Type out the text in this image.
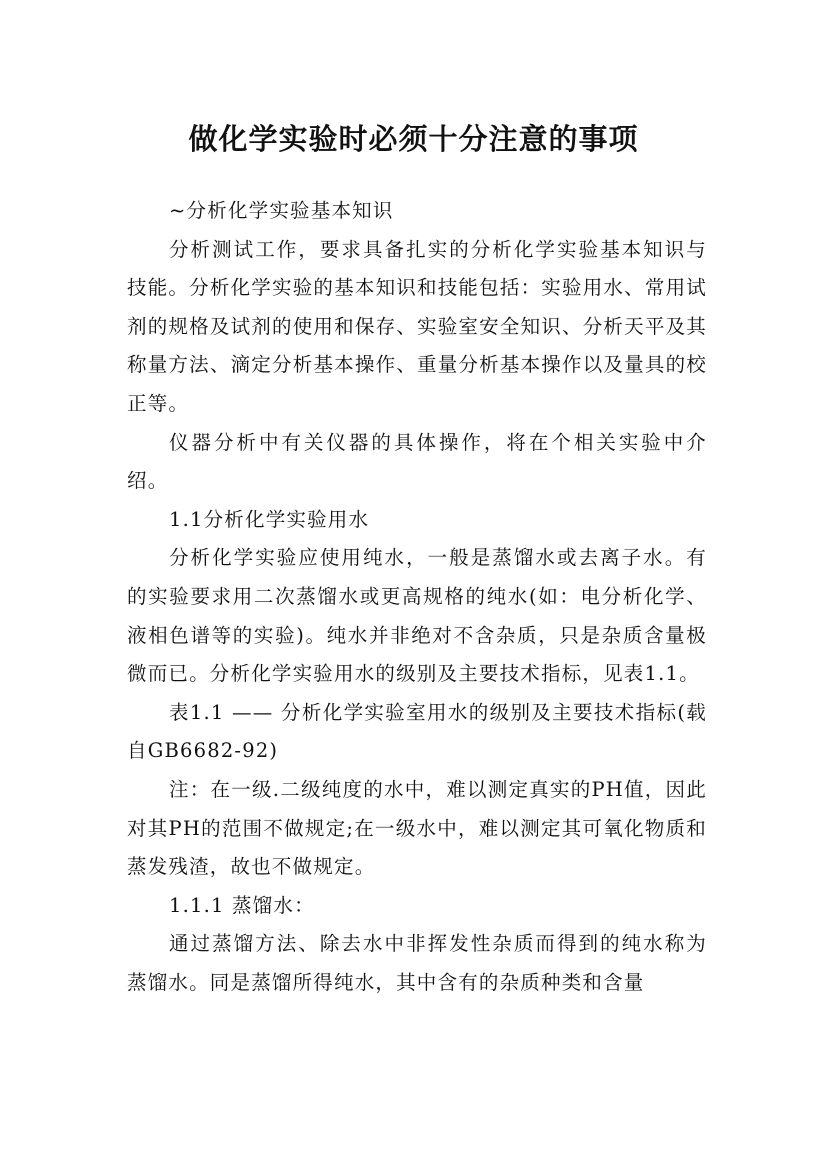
做化学实验时必须十分注意的事项

~分析化学实验基本知识

分析测试工作，要求具备扎实的分析化学实验基本知识与技能。分析化学实验的基本知识和技能包括：实验用水、常用试剂的规格及试剂的使用和保存、实验室安全知识、分析天平及其称量方法、滴定分析基本操作、重量分析基本操作以及量具的校正等。

仪器分析中有关仪器的具体操作，将在个相关实验中介绍。

1.1分析化学实验用水

分析化学实验应使用纯水，一般是蒸馏水或去离子水。有的实验要求用二次蒸馏水或更高规格的纯水(如：电分析化学、液相色谱等的实验)。纯水并非绝对不含杂质，只是杂质含量极微而已。分析化学实验用水的级别及主要技术指标，见表1.1。

表1.1 —— 分析化学实验室用水的级别及主要技术指标(载自GB6682-92)

注：在一级.二级纯度的水中，难以测定真实的PH值，因此对其PH的范围不做规定;在一级水中，难以测定其可氧化物质和蒸发残渣，故也不做规定。

1.1.1 蒸馏水：

通过蒸馏方法、除去水中非挥发性杂质而得到的纯水称为蒸馏水。同是蒸馏所得纯水，其中含有的杂质种类和含量
